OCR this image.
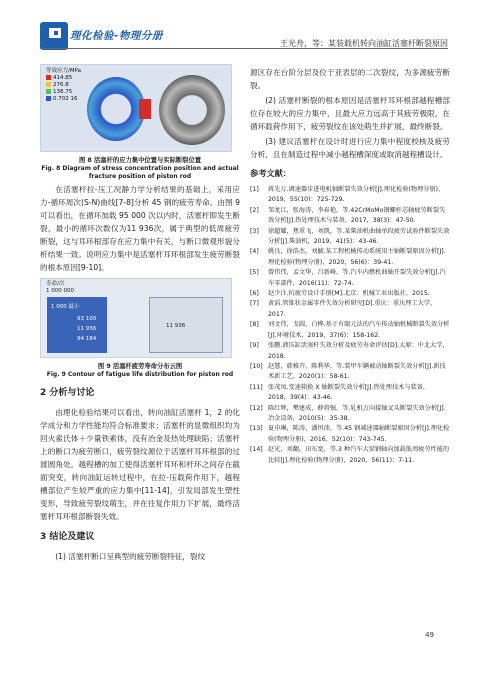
理化检验-物理分册
王光舟，等：某装载机转向油缸活塞杆断裂原因
等效应力/MPa
414.85
276.8
138.75
0.702 16
图 8 活塞杆的应力集中位置与实际断裂位置
Fig. 8 Diagram of stress concentration position and actual fracture position of piston rod

在活塞杆拉-压工况静力学分析结果的基础上，采用应力-循环周次(S-N)曲线[7-8]分析 45 钢的疲劳寿命。由图 9 可以看出，在循环加载 95 000 次以内时，活塞杆即发生断裂，最小的循环次数仅为11 936次，属于典型的低周疲劳断裂，这与耳环根部存在应力集中有关，与断口微观形貌分析结果一致。说明应力集中是活塞杆耳环根部发生疲劳断裂的根本原因[9-10]。

寿命/次
1 000 000
1 000 最小
93 100
11 936
94 184
11 936
图 9 活塞杆疲劳寿命分布云图
Fig. 9 Contour of fatigue life distribution for piston rod
2 分析与讨论

由理化检验结果可以看出，转向油缸活塞杆 1，2 的化学成分和力学性能均符合标准要求；活塞杆的显微组织均为回火索氏体＋少量铁素体，没有冶金及热处理缺陷；活塞杆上的断口为疲劳断口，疲劳裂纹源位于活塞杆耳环根部的过渡圆角处。越程槽的加工使得活塞杆耳环和杆环之间存在截面突变，转向油缸运转过程中，在拉-压载荷作用下，越程槽部位产生较严重的应力集中[11-14]，引发局部发生塑性变形，导致疲劳裂纹萌生，并在往复作用力下扩展，最终活塞杆耳环根部断裂失效。

3 结论及建议

(1) 活塞杆断口呈典型的疲劳断裂特征，裂纹

源区存在台阶分层及位于亚表层的二次裂纹，为多源疲劳断裂。

(2) 活塞杆断裂的根本原因是活塞杆耳环根部越程槽部位存在较大的应力集中，且最大应力远高于其疲劳极限，在循环载荷作用下，疲劳裂纹在该处萌生并扩展，最终断裂。

(3) 建议活塞杆在设计时进行应力集中程度校核及疲劳分析，且在制造过程中减小越程槽深度或取消越程槽设计。

参考文献：
[1]	蒋先万.调速器步进电机轴断裂失效分析[J].理化检验(物理分册)，2019，55(10)：725-729.
[2]	邹龙江，张海涛，李春艳，等.42CrMoMo钢螺杆芯轴疲劳断裂失效分析[J].热处理技术与装备，2017，38(3)：47-50.
[3]	徐超耀，焦重飞，刘凯，等.某柴油机曲轴单段疲劳试验件断裂失效分析[J].柴油机，2019，41(5)：43-46.
[4]	姚良，徐浩杰，刘毓.某工程机械传动系统用主轴断裂原因分析[J].理化检验(物理分册)，2020，56(6)：39-41.
[5]	曾伟伟，孟文华，吕新峰，等.汽车内燃机曲轴开裂失效分析[J].汽车零部件，2016(11)：72-74.
[6]	赵少汴.抗疲劳设计手册[M].北京：机械工业出版社，2015.
[7]	黄滔.管锥状金属零件失效分析研究[D].重庆：重庆理工大学，2017.
[8]	刘文伟，戈圆，白桦.基于有限元法的汽车传动轴机械断裂失效分析[J].环境技术，2019，37(6)：158-162.
[9]	张鹏.液压缸活塞杆失效分析及疲劳寿命评估[D].太原：中北大学，2018.
[10] 赵慧，韩雅卉，陈利华，等.装甲车辆被动轴断裂失效分析[J].新技术新工艺，2020(1)：58-61.
[11] 张茂凤.变速箱换 X 轴断裂失效分析[J].热处理技术与装备，2018，39(4)：43-46.
[12] 陈红辉，樊建成，薛将强，等.轧机万向接轴叉头断裂失效分析[J].冶金设备，2010(5)：35-38.
[13] 夏申琳，陈涛，潘恒沛，等.45 钢减速器轴断裂原因分析[J].理化检验(物理分册)，2016，52(10)：743-745.
[14] 赵光，刘翻，田东宽，等.3 种汽车大梁钢轴向加载低周疲劳性能的比较[J].理化检验(物理分册)，2020，56(11)：7-11.
49
